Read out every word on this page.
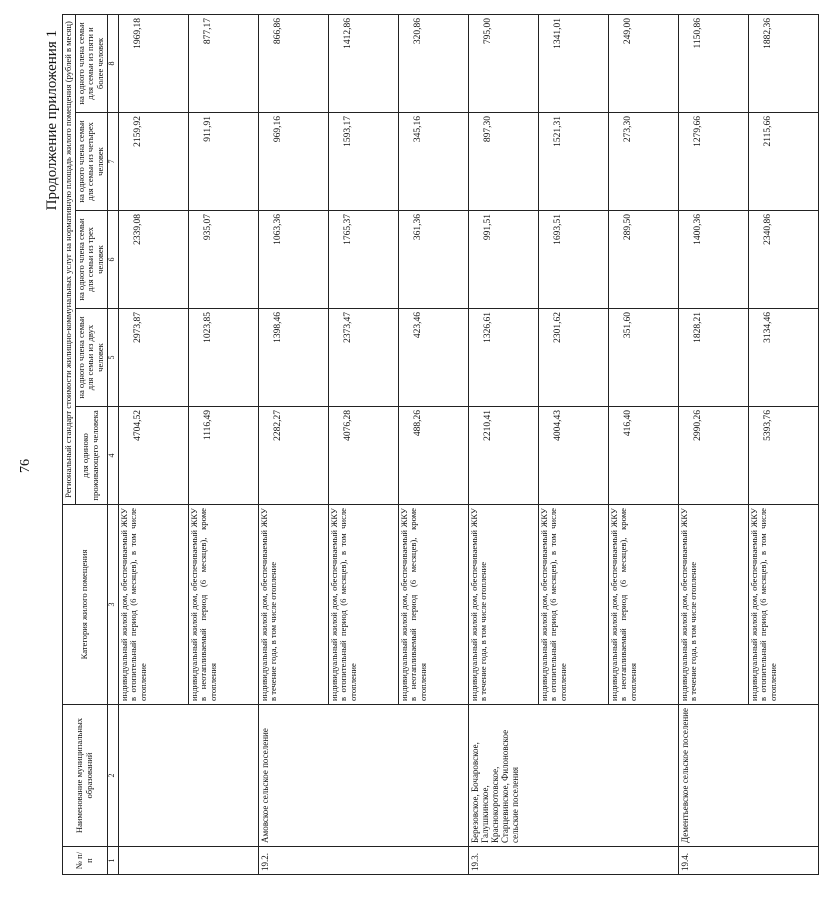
76
Продолжение приложения 1
№ п/п	Наименование муниципальных образований	Категория жилого помещения	Региональный стандарт стоимости жилищно-коммунальных услуг на нормативную площадь жилого помещения (рублей в месяц)				
			для одиноко проживающего человека	на одного члена семьи для семьи из двух человек	на одного члена семьи для семьи из трех человек	на одного члена семьи для семьи из четырех человек	на одного члена семьи для семьи из пяти и более человек
1	2	3	4	5	6	7	8
		индивидуальный жилой дом, обеспечиваемый ЖКУ в отопительный период (6 месяцев), в том числе отопление	4704,52	2973,87	2339,08	2159,92	1969,18
		индивидуальный жилой дом, обеспечиваемый ЖКУ в неотапливаемый период (6 месяцев), кроме отопления	1116,49	1023,85	935,07	911,91	877,17
19.2.	Амовское сельское поселение	индивидуальный жилой дом, обеспечиваемый ЖКУ в течение года, в том числе отопление	2282,27	1398,46	1063,36	969,16	866,86
		индивидуальный жилой дом, обеспечиваемый ЖКУ в отопительный период (6 месяцев), в том числе отопление	4076,28	2373,47	1765,37	1593,17	1412,86
		индивидуальный жилой дом, обеспечиваемый ЖКУ в неотапливаемый период (6 месяцев), кроме отопления	488,26	423,46	361,36	345,16	320,86
19.3.	Березовское, Бочаровское, Галушкинское, Краснокоротовское, Старцевинское, Филоновское сельские поселения	индивидуальный жилой дом, обеспечиваемый ЖКУ в течение года, в том числе отопление	2210,41	1326,61	991,51	897,30	795,00
		индивидуальный жилой дом, обеспечиваемый ЖКУ в отопительный период (6 месяцев), в том числе отопление	4004,43	2301,62	1693,51	1521,31	1341,01
		индивидуальный жилой дом, обеспечиваемый ЖКУ в неотапливаемый период (6 месяцев), кроме отопления	416,40	351,60	289,50	273,30	249,00
19.4.	Дементьевское сельское поселение	индивидуальный жилой дом, обеспечиваемый ЖКУ в течение года, в том числе отопление	2990,26	1828,21	1400,36	1279,66	1150,86
		индивидуальный жилой дом, обеспечиваемый ЖКУ в отопительный период (6 месяцев), в том числе отопление	5393,76	3134,46	2340,86	2115,66	1882,36
